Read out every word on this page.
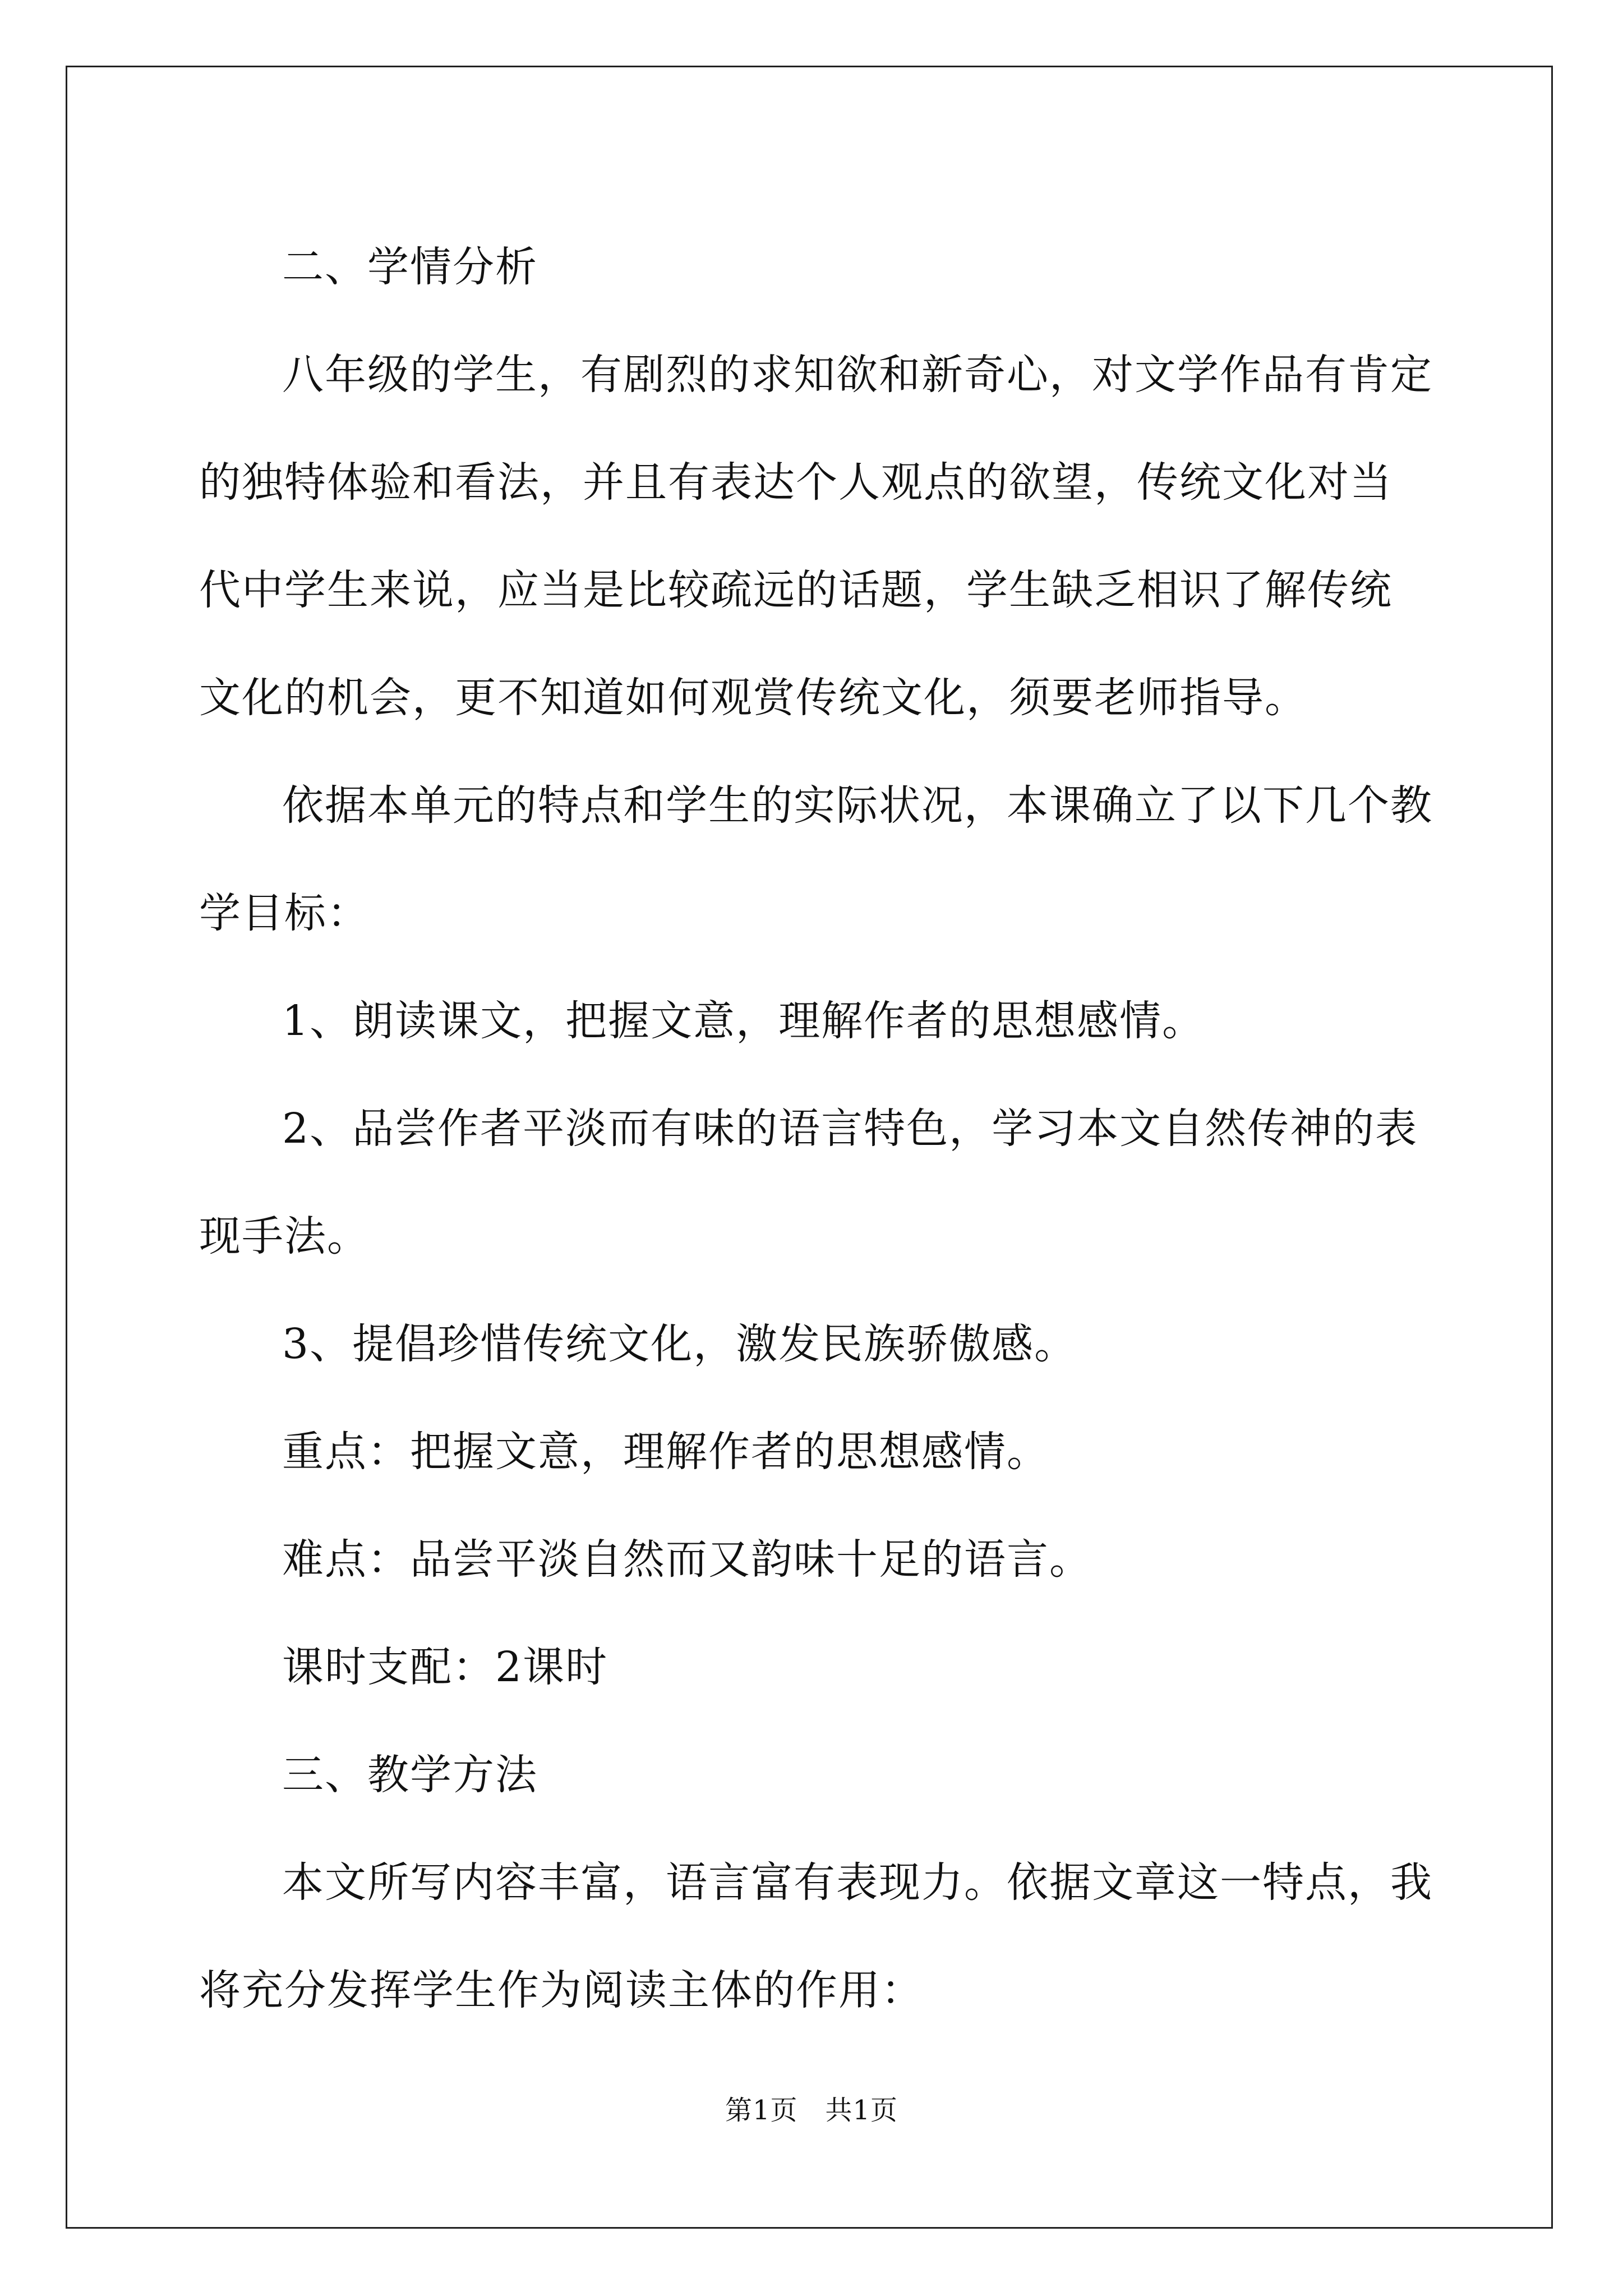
二、学情分析

八年级的学生，有剧烈的求知欲和新奇心，对文学作品有肯定的独特体验和看法，并且有表达个人观点的欲望，传统文化对当代中学生来说，应当是比较疏远的话题，学生缺乏相识了解传统文化的机会，更不知道如何观赏传统文化，须要老师指导。

依据本单元的特点和学生的实际状况，本课确立了以下几个教学目标：

1、朗读课文，把握文意，理解作者的思想感情。

2、品尝作者平淡而有味的语言特色，学习本文自然传神的表现手法。

3、提倡珍惜传统文化，激发民族骄傲感。

重点：把握文意，理解作者的思想感情。

难点：品尝平淡自然而又韵味十足的语言。

课时支配：2课时

三、教学方法

本文所写内容丰富，语言富有表现力。依据文章这一特点，我将充分发挥学生作为阅读主体的作用：

第1页　共1页
